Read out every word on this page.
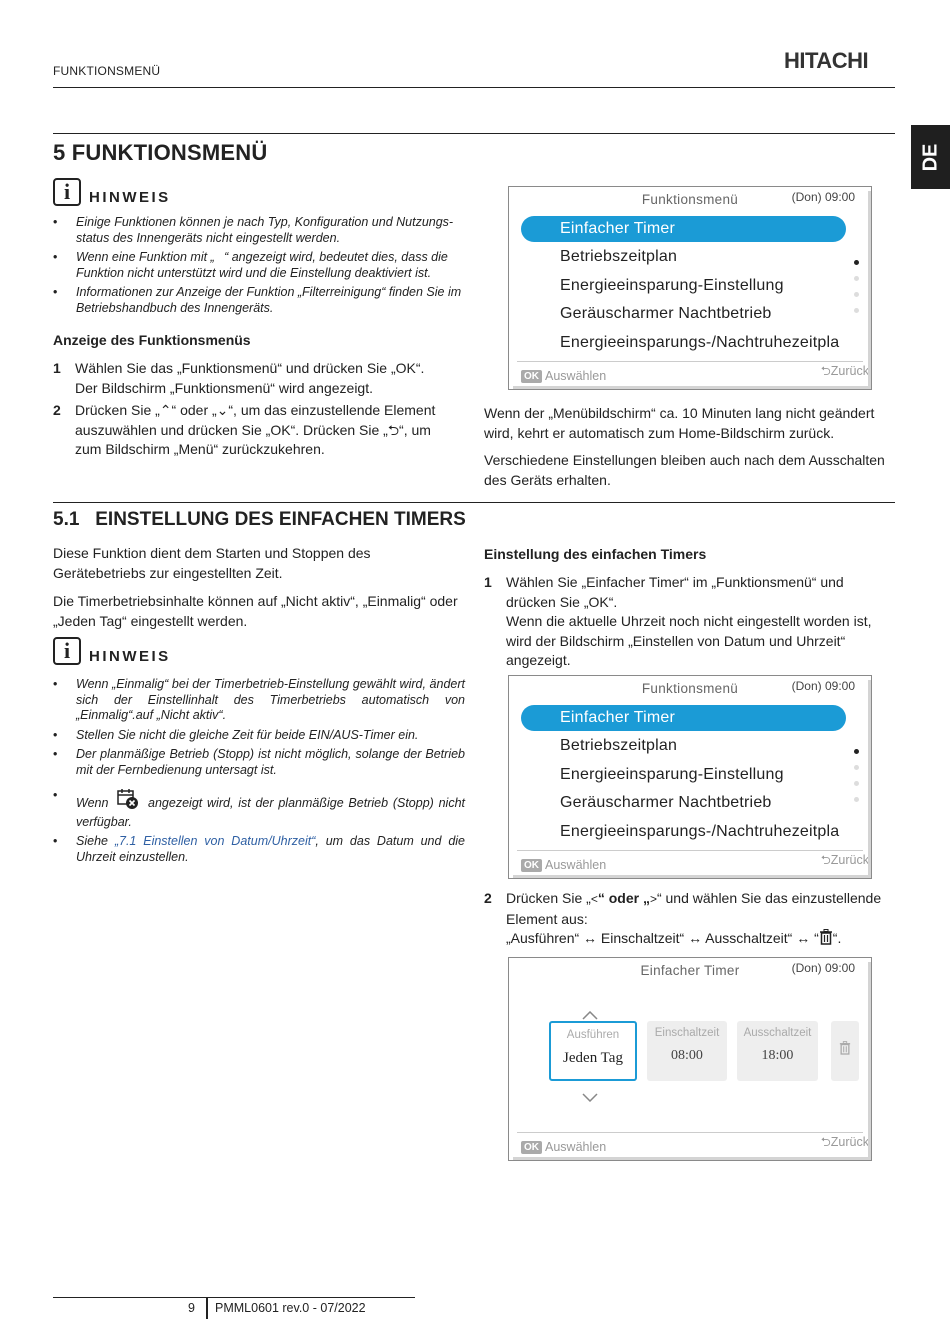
FUNKTIONSMENÜ	HITACHI
DE
5 FUNKTIONSMENÜ
i	HINWEIS
• Einige Funktionen können je nach Typ, Konfiguration und Nutzungs-status des Innengeräts nicht eingestellt werden.
• Wenn eine Funktion mit „⃠“ angezeigt wird, bedeutet dies, dass die Funktion nicht unterstützt wird und die Einstellung deaktiviert ist.
• Informationen zur Anzeige der Funktion „Filterreinigung“ finden Sie im Betriebshandbuch des Innengeräts.
Anzeige des Funktionsmenüs
1 Wählen Sie das „Funktionsmenü“ und drücken Sie „OK“. Der Bildschirm „Funktionsmenü“ wird angezeigt.
2 Drücken Sie „⌃“ oder „⌄“, um das einzustellende Element auszuwählen und drücken Sie „OK“. Drücken Sie „⮌“, um zum Bildschirm „Menü“ zurückzukehren.
Funktionsmenü	(Don) 09:00
Einfacher Timer
Betriebszeitplan
Energieeinsparung-Einstellung
Geräuscharmer Nachtbetrieb
Energieeinsparungs-/Nachtruhezeitpla
OK Auswählen	⮌Zurück
Wenn der „Menübildschirm“ ca. 10 Minuten lang nicht geändert wird, kehrt er automatisch zum Home-Bildschirm zurück.
Verschiedene Einstellungen bleiben auch nach dem Ausschalten des Geräts erhalten.
5.1   EINSTELLUNG DES EINFACHEN TIMERS
Diese Funktion dient dem Starten und Stoppen des Gerätebetriebs zur eingestellten Zeit.
Die Timerbetriebsinhalte können auf „Nicht aktiv“, „Einmalig“ oder „Jeden Tag“ eingestellt werden.
i	HINWEIS
• Wenn „Einmalig“ bei der Timerbetrieb-Einstellung gewählt wird, ändert sich der Einstellinhalt des Timerbetriebs automatisch von „Einmalig“.auf „Nicht aktiv“.
• Stellen Sie nicht die gleiche Zeit für beide EIN/AUS-Timer ein.
• Der planmäßige Betrieb (Stopp) ist nicht möglich, solange der Betrieb mit der Fernbedienung untersagt ist.
• Wenn	angezeigt wird, ist der planmäßige Betrieb (Stopp) nicht verfügbar.
• Siehe „7.1 Einstellen von Datum/Uhrzeit“, um das Datum und die Uhrzeit einzustellen.
Einstellung des einfachen Timers
1 Wählen Sie „Einfacher Timer“ im „Funktionsmenü“ und drücken Sie „OK“.
Wenn die aktuelle Uhrzeit noch nicht eingestellt worden ist, wird der Bildschirm „Einstellen von Datum und Uhrzeit“ angezeigt.
Funktionsmenü	(Don) 09:00
Einfacher Timer
Betriebszeitplan
Energieeinsparung-Einstellung
Geräuscharmer Nachtbetrieb
Energieeinsparungs-/Nachtruhezeitpla
OK Auswählen	⮌Zurück
2 Drücken Sie „<“ oder „>“ und wählen Sie das einzustellende Element aus:
„Ausführen“ ↔ Einschaltzeit“ ↔ Ausschaltzeit“ ↔ “ “.
Einfacher Timer	(Don) 09:00
Ausführen
Jeden Tag
Einschaltzeit
08:00
Ausschaltzeit
18:00
OK Auswählen	⮌Zurück
9 PMML0601 rev.0 - 07/2022
